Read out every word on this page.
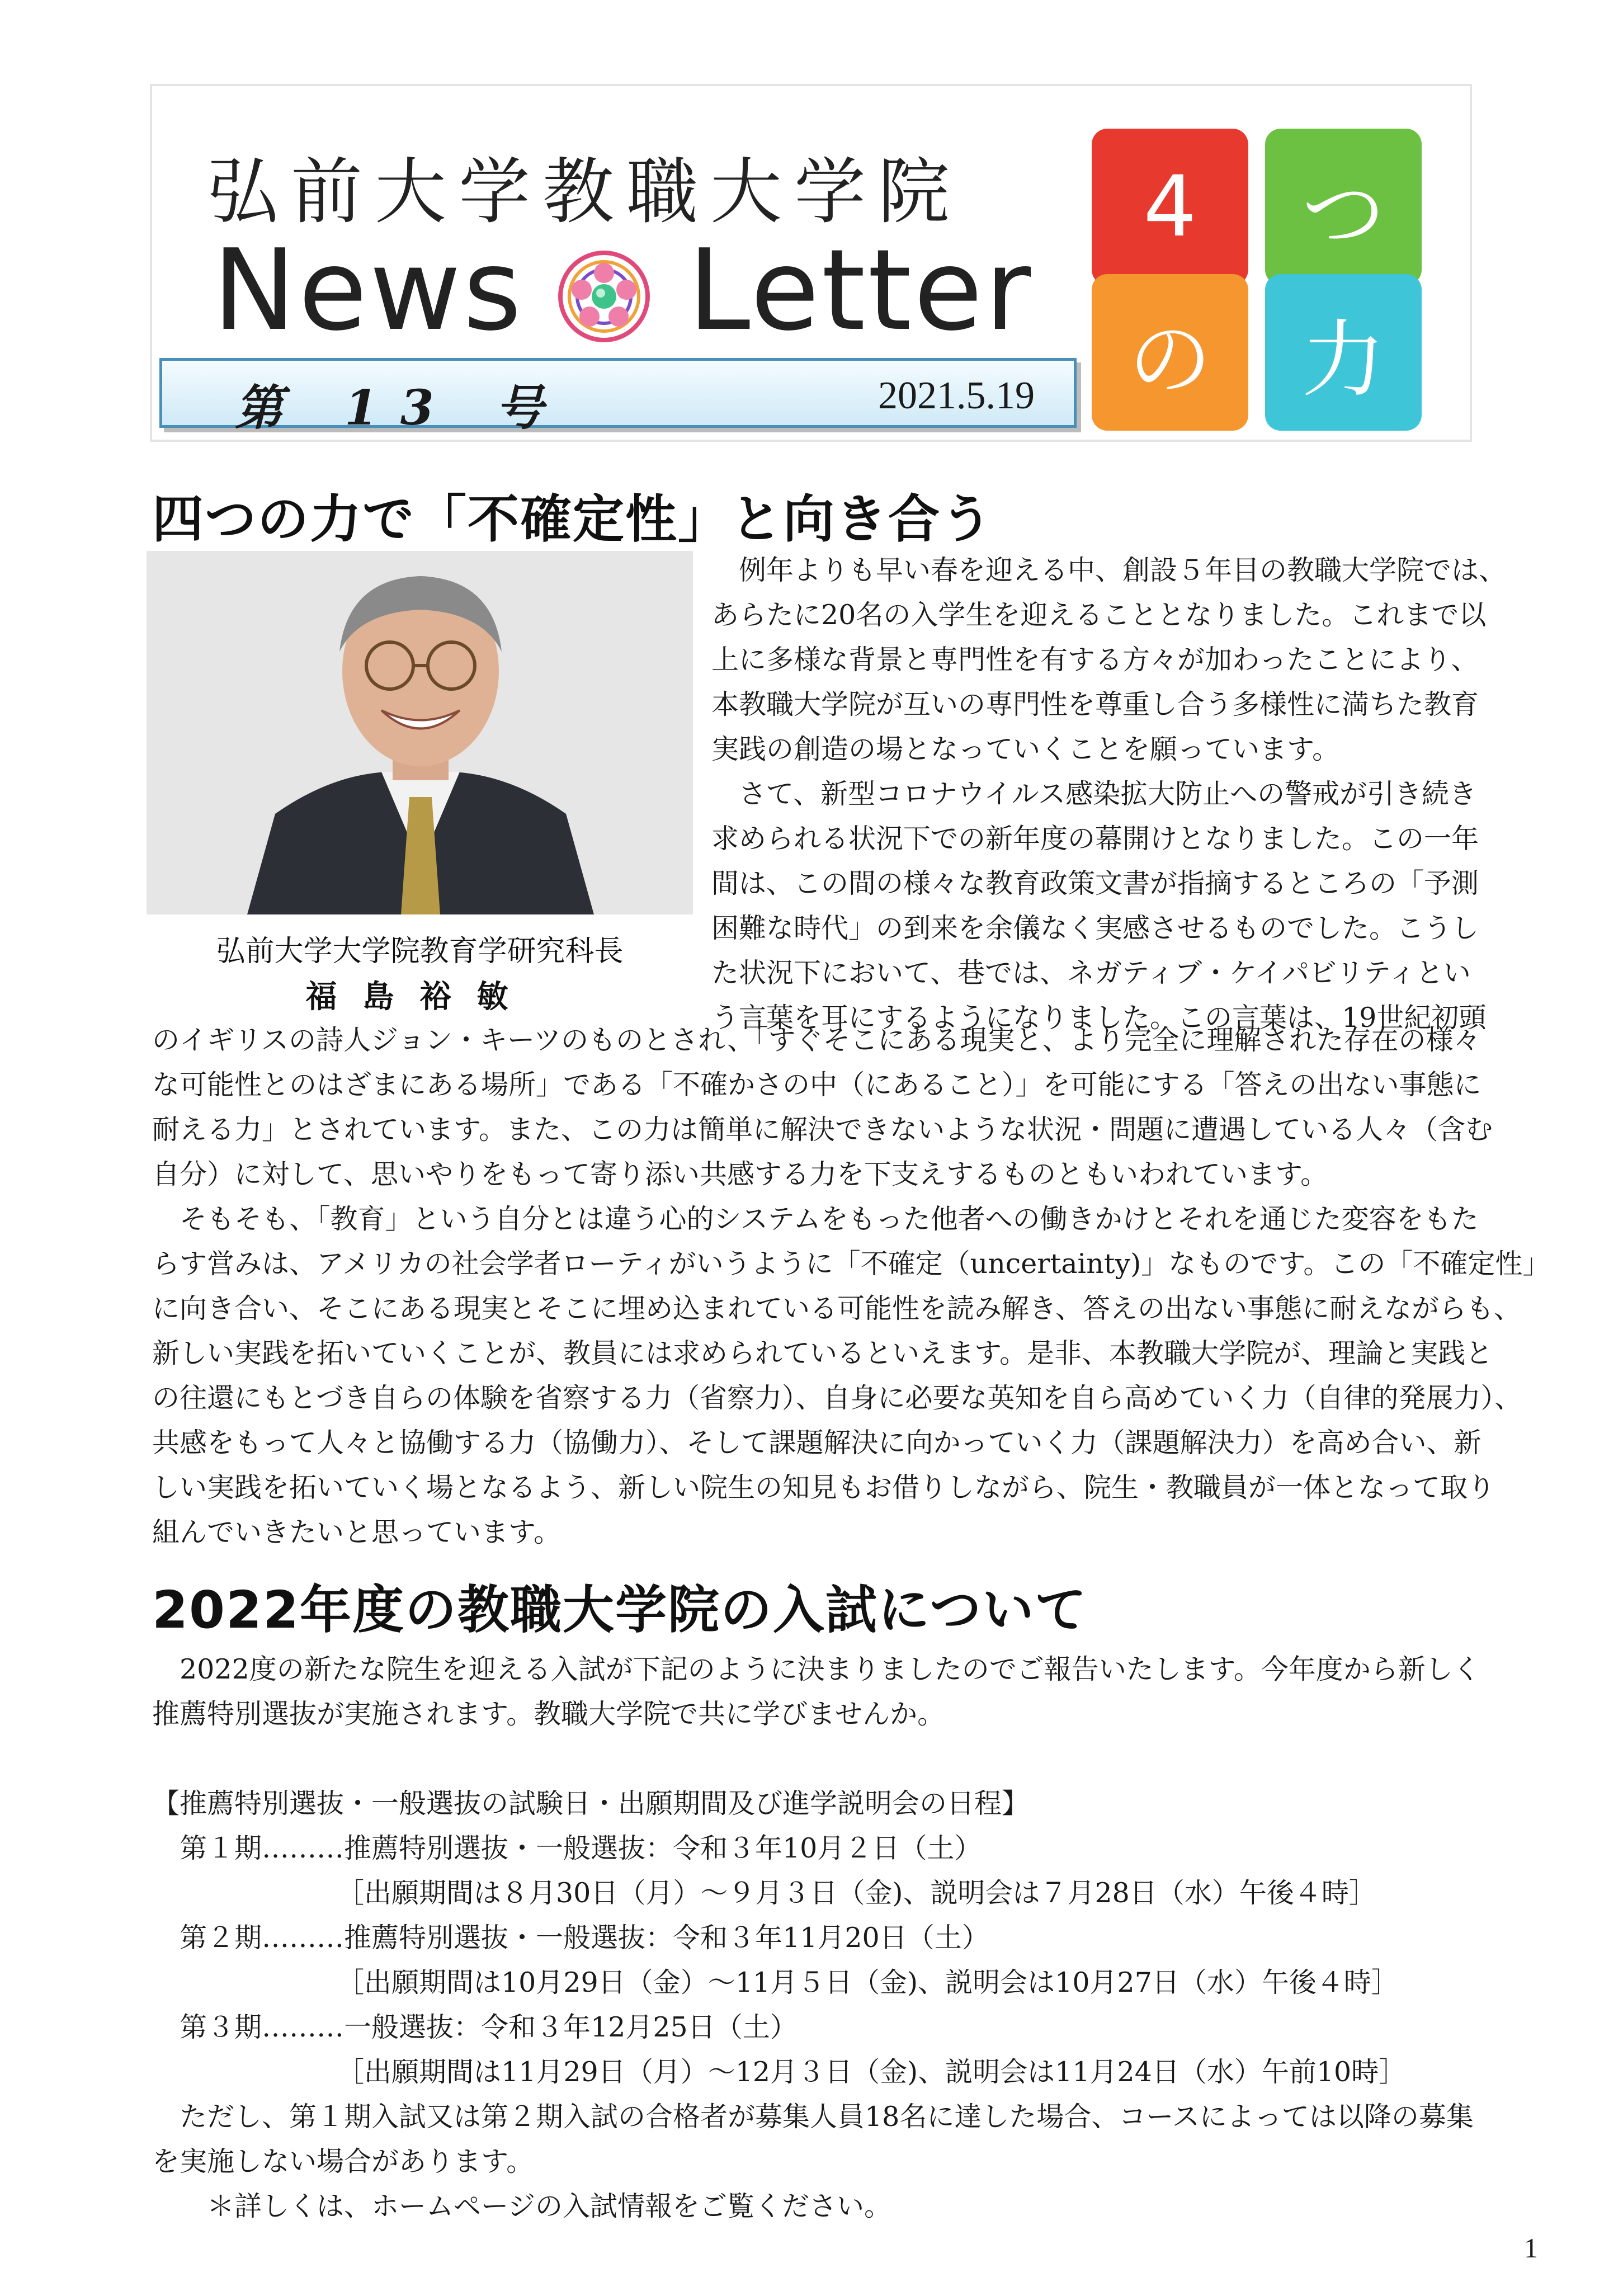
弘前大学教職大学院
News Letter
第 13 号	2021.5.19
4	つ
の	力
四つの力で「不確定性」と向き合う
弘前大学大学院教育学研究科長
福島裕敏
　例年よりも早い春を迎える中、創設５年目の教職大学院では、
あらたに20名の入学生を迎えることとなりました。これまで以
上に多様な背景と専門性を有する方々が加わったことにより、
本教職大学院が互いの専門性を尊重し合う多様性に満ちた教育
実践の創造の場となっていくことを願っています。
　さて、新型コロナウイルス感染拡大防止への警戒が引き続き
求められる状況下での新年度の幕開けとなりました。この一年
間は、この間の様々な教育政策文書が指摘するところの「予測
困難な時代」の到来を余儀なく実感させるものでした。こうし
た状況下において、巷では、ネガティブ・ケイパビリティとい
う言葉を耳にするようになりました。この言葉は、19世紀初頭
のイギリスの詩人ジョン・キーツのものとされ、「すぐそこにある現実と、より完全に理解された存在の様々
な可能性とのはざまにある場所」である「不確かさの中（にあること）」を可能にする「答えの出ない事態に
耐える力」とされています。また、この力は簡単に解決できないような状況・問題に遭遇している人々（含む
自分）に対して、思いやりをもって寄り添い共感する力を下支えするものともいわれています。
　そもそも、「教育」という自分とは違う心的システムをもった他者への働きかけとそれを通じた変容をもた
らす営みは、アメリカの社会学者ローティがいうように「不確定（uncertainty)」なものです。この「不確定性」
に向き合い、そこにある現実とそこに埋め込まれている可能性を読み解き、答えの出ない事態に耐えながらも、
新しい実践を拓いていくことが、教員には求められているといえます。是非、本教職大学院が、理論と実践と
の往還にもとづき自らの体験を省察する力（省察力）、自身に必要な英知を自ら高めていく力（自律的発展力）、
共感をもって人々と協働する力（協働力）、そして課題解決に向かっていく力（課題解決力）を高め合い、新
しい実践を拓いていく場となるよう、新しい院生の知見もお借りしながら、院生・教職員が一体となって取り
組んでいきたいと思っています。
2022年度の教職大学院の入試について
　2022度の新たな院生を迎える入試が下記のように決まりましたのでご報告いたします。今年度から新しく
推薦特別選抜が実施されます。教職大学院で共に学びませんか。
【推薦特別選抜・一般選抜の試験日・出願期間及び進学説明会の日程】
　第１期………推薦特別選抜・一般選抜：令和３年10月２日（土）
［出願期間は８月30日（月）～９月３日（金)、説明会は７月28日（水）午後４時］
　第２期………推薦特別選抜・一般選抜：令和３年11月20日（土）
［出願期間は10月29日（金）～11月５日（金)、説明会は10月27日（水）午後４時］
　第３期………一般選抜：令和３年12月25日（土）
［出願期間は11月29日（月）～12月３日（金)、説明会は11月24日（水）午前10時］
　ただし、第１期入試又は第２期入試の合格者が募集人員18名に達した場合、コースによっては以降の募集
を実施しない場合があります。
　　＊詳しくは、ホームページの入試情報をご覧ください。
1
